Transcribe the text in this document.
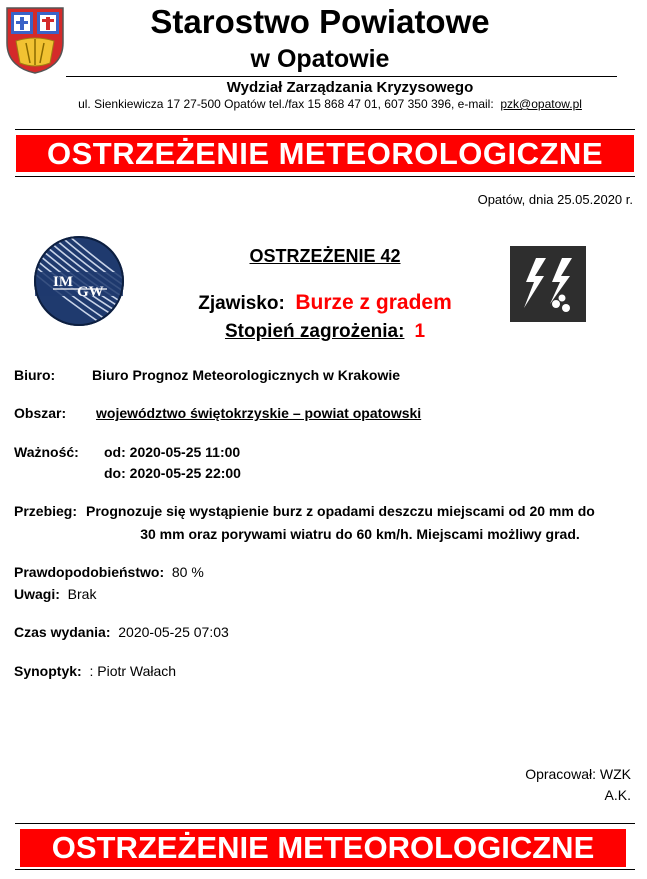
Starostwo Powiatowe
w Opatowie
Wydział Zarządzania Kryzysowego
ul. Sienkiewicza 17 27-500 Opatów tel./fax 15 868 47 01, 607 350 396, e-mail: pzk@opatow.pl
OSTRZEŻENIE METEOROLOGICZNE
Opatów, dnia 25.05.2020 r.
IM
GW
OSTRZEŻENIE 42
Zjawisko: Burze z gradem
Stopień zagrożenia: 1
Biuro:	Biuro Prognoz Meteorologicznych w Krakowie
Obszar: województwo świętokrzyskie – powiat opatowski
Ważność: od: 2020-05-25 11:00
do: 2020-05-25 22:00
Przebieg: Prognozuje się wystąpienie burz z opadami deszczu miejscami od 20 mm do
30 mm oraz porywami wiatru do 60 km/h. Miejscami możliwy grad.
Prawdopodobieństwo: 80 %
Uwagi: Brak
Czas wydania: 2020-05-25 07:03
Synoptyk: : Piotr Wałach
Opracował: WZK
A.K.
OSTRZEŻENIE METEOROLOGICZNE
